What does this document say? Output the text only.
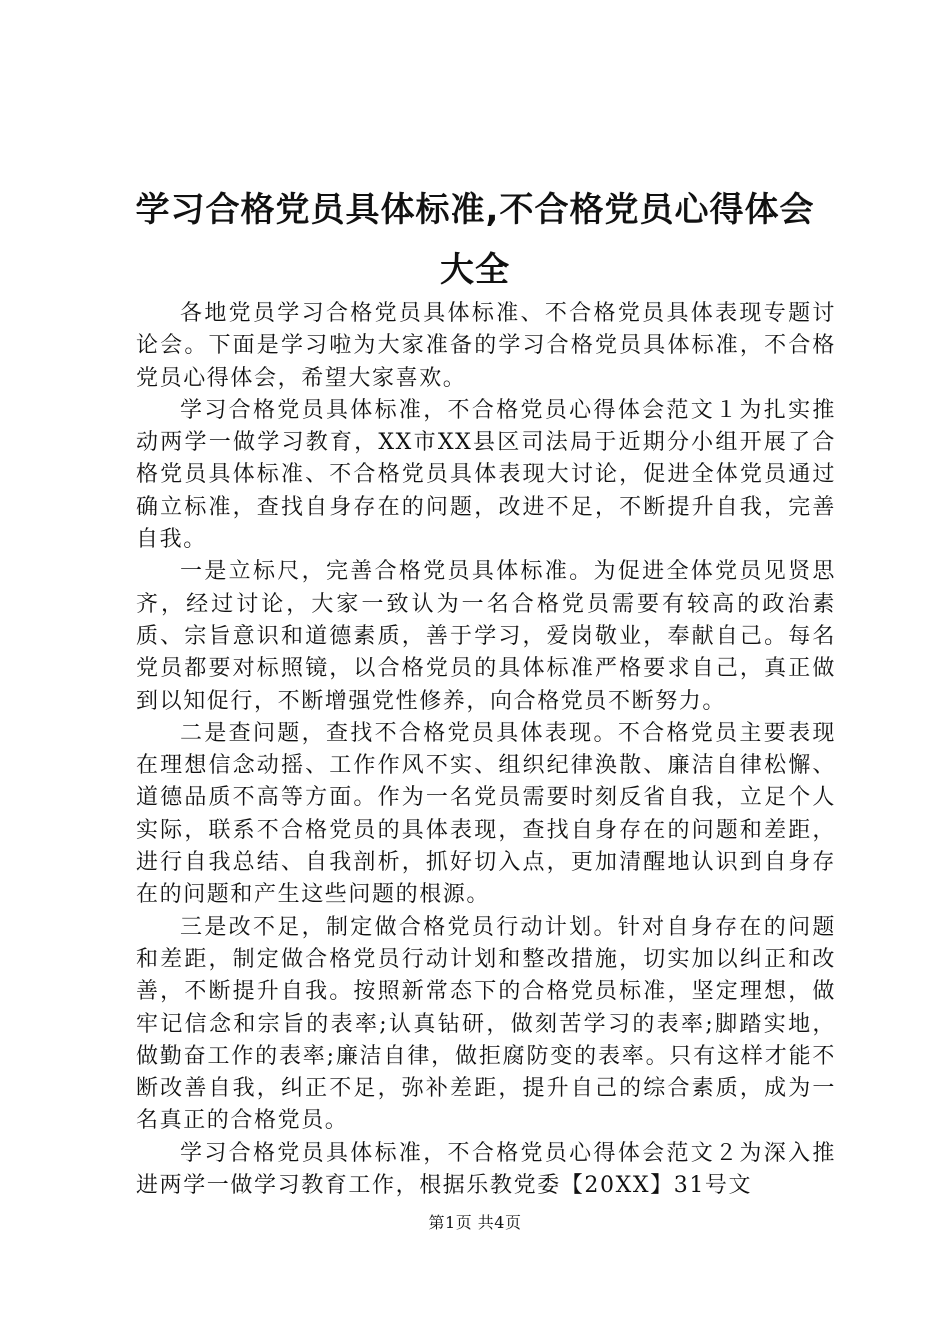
学习合格党员具体标准,不合格党员心得体会
大全

各地党员学习合格党员具体标准、不合格党员具体表现专题讨论会。下面是学习啦为大家准备的学习合格党员具体标准，不合格党员心得体会，希望大家喜欢。

学习合格党员具体标准，不合格党员心得体会范文１为扎实推动两学一做学习教育，XX市XX县区司法局于近期分小组开展了合格党员具体标准、不合格党员具体表现大讨论，促进全体党员通过确立标准，查找自身存在的问题，改进不足，不断提升自我，完善自我。

一是立标尺，完善合格党员具体标准。为促进全体党员见贤思齐，经过讨论，大家一致认为一名合格党员需要有较高的政治素质、宗旨意识和道德素质，善于学习，爱岗敬业，奉献自己。每名党员都要对标照镜，以合格党员的具体标准严格要求自己，真正做到以知促行，不断增强党性修养，向合格党员不断努力。

二是查问题，查找不合格党员具体表现。不合格党员主要表现在理想信念动摇、工作作风不实、组织纪律涣散、廉洁自律松懈、道德品质不高等方面。作为一名党员需要时刻反省自我，立足个人实际，联系不合格党员的具体表现，查找自身存在的问题和差距，进行自我总结、自我剖析，抓好切入点，更加清醒地认识到自身存在的问题和产生这些问题的根源。

三是改不足，制定做合格党员行动计划。针对自身存在的问题和差距，制定做合格党员行动计划和整改措施，切实加以纠正和改善，不断提升自我。按照新常态下的合格党员标准，坚定理想，做牢记信念和宗旨的表率;认真钻研，做刻苦学习的表率;脚踏实地，做勤奋工作的表率;廉洁自律，做拒腐防变的表率。只有这样才能不断改善自我，纠正不足，弥补差距，提升自己的综合素质，成为一名真正的合格党员。

学习合格党员具体标准，不合格党员心得体会范文２为深入推进两学一做学习教育工作，根据乐教党委【20XX】31号文

第1页 共4页
